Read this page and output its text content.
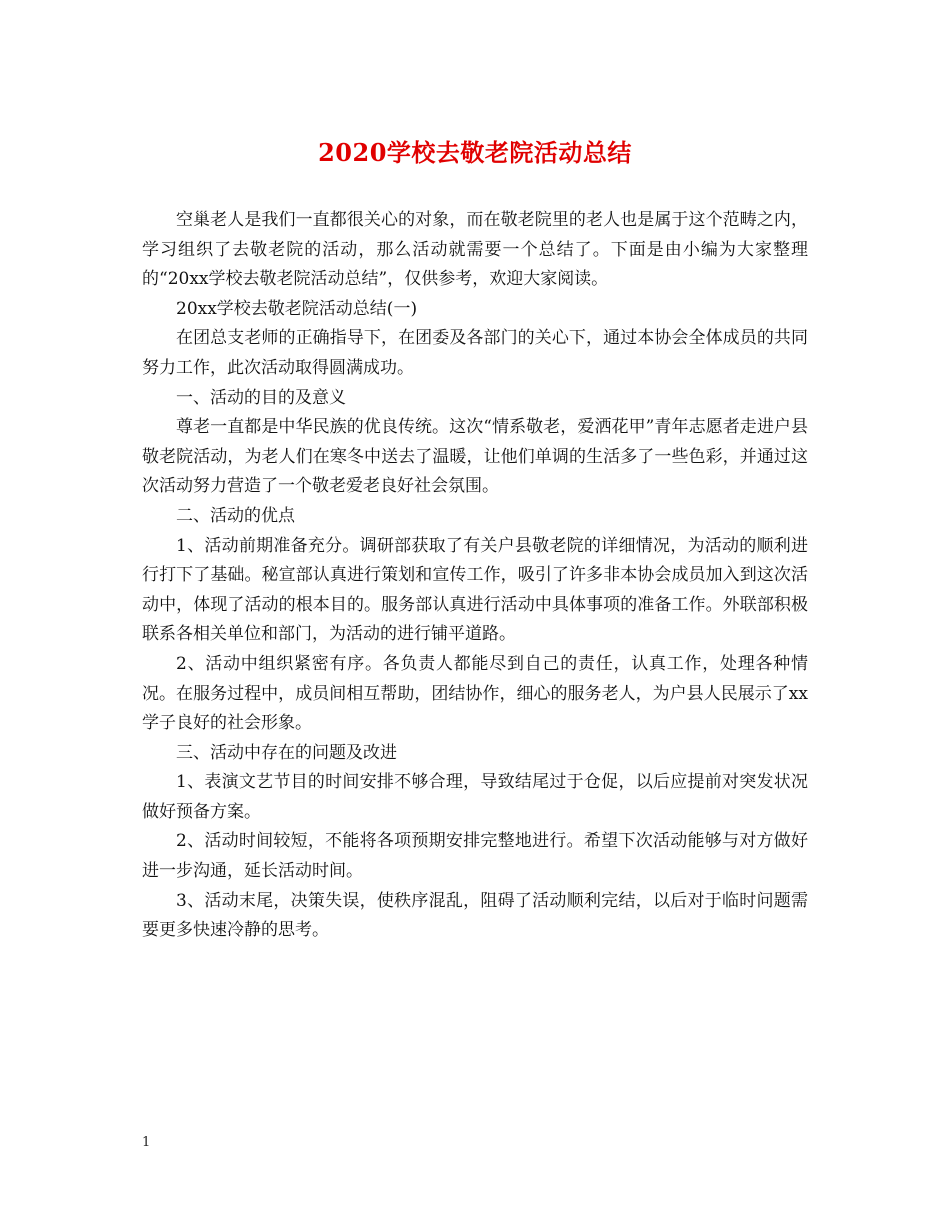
2020学校去敬老院活动总结

空巢老人是我们一直都很关心的对象，而在敬老院里的老人也是属于这个范畴之内，学习组织了去敬老院的活动，那么活动就需要一个总结了。下面是由小编为大家整理的“20xx学校去敬老院活动总结”，仅供参考，欢迎大家阅读。

20xx学校去敬老院活动总结(一)

在团总支老师的正确指导下，在团委及各部门的关心下，通过本协会全体成员的共同努力工作，此次活动取得圆满成功。

一、活动的目的及意义

尊老一直都是中华民族的优良传统。这次“情系敬老，爱洒花甲”青年志愿者走进户县敬老院活动，为老人们在寒冬中送去了温暖，让他们单调的生活多了一些色彩，并通过这次活动努力营造了一个敬老爱老良好社会氛围。

二、活动的优点

1、活动前期准备充分。调研部获取了有关户县敬老院的详细情况，为活动的顺利进行打下了基础。秘宣部认真进行策划和宣传工作，吸引了许多非本协会成员加入到这次活动中，体现了活动的根本目的。服务部认真进行活动中具体事项的准备工作。外联部积极联系各相关单位和部门，为活动的进行铺平道路。

2、活动中组织紧密有序。各负责人都能尽到自己的责任，认真工作，处理各种情况。在服务过程中，成员间相互帮助，团结协作，细心的服务老人，为户县人民展示了xx学子良好的社会形象。

三、活动中存在的问题及改进

1、表演文艺节目的时间安排不够合理，导致结尾过于仓促，以后应提前对突发状况做好预备方案。

2、活动时间较短，不能将各项预期安排完整地进行。希望下次活动能够与对方做好进一步沟通，延长活动时间。

3、活动末尾，决策失误，使秩序混乱，阻碍了活动顺利完结，以后对于临时问题需要更多快速冷静的思考。

1
